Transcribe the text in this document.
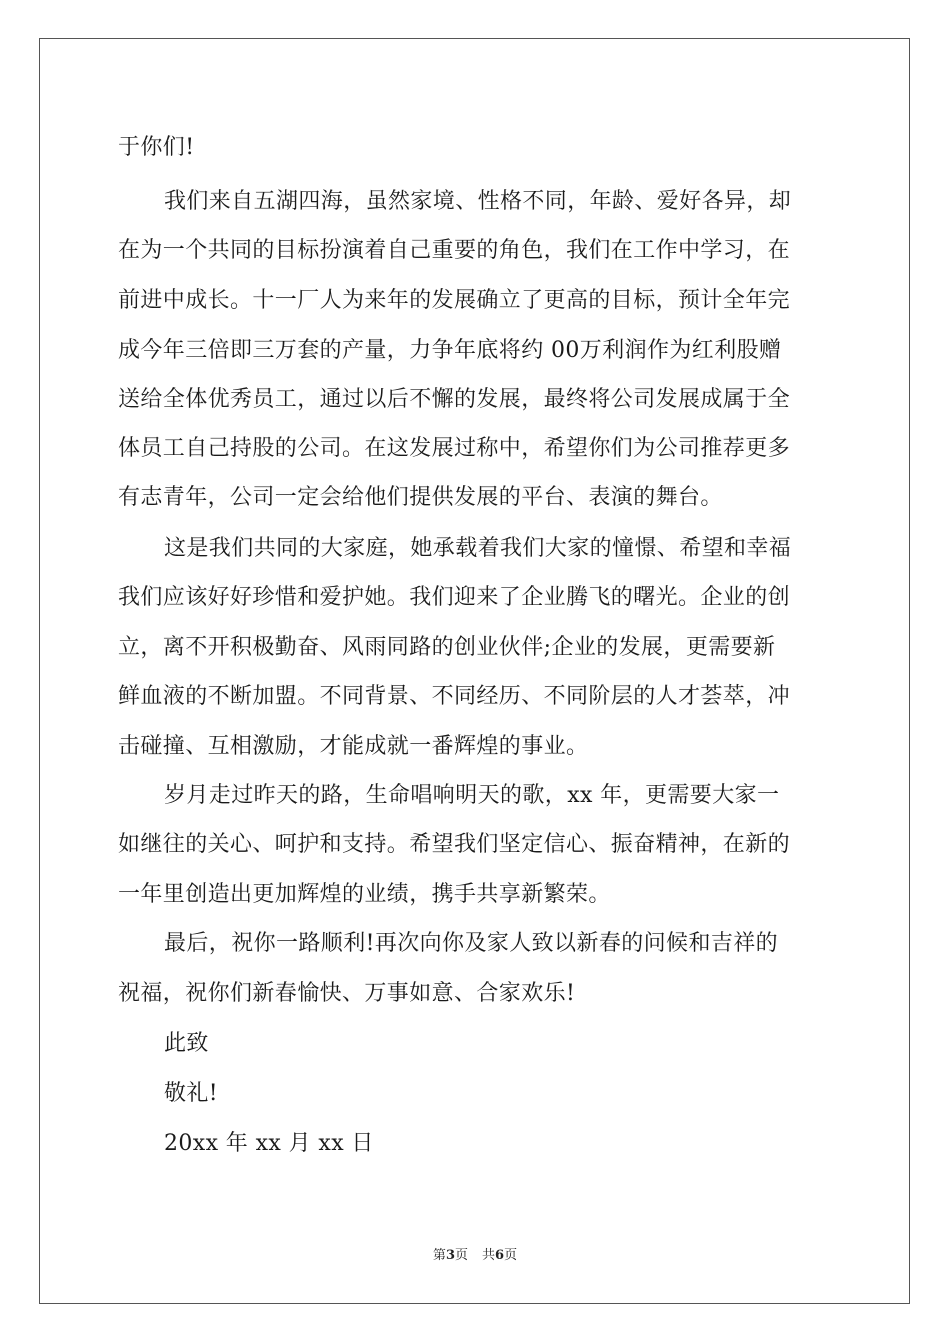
于你们!
我们来自五湖四海，虽然家境、性格不同，年龄、爱好各异，却
在为一个共同的目标扮演着自己重要的角色，我们在工作中学习，在
前进中成长。十一厂人为来年的发展确立了更高的目标，预计全年完
成今年三倍即三万套的产量，力争年底将约 00万利润作为红利股赠
送给全体优秀员工，通过以后不懈的发展，最终将公司发展成属于全
体员工自己持股的公司。在这发展过称中，希望你们为公司推荐更多
有志青年，公司一定会给他们提供发展的平台、表演的舞台。
这是我们共同的大家庭，她承载着我们大家的憧憬、希望和幸福
我们应该好好珍惜和爱护她。我们迎来了企业腾飞的曙光。企业的创
立，离不开积极勤奋、风雨同路的创业伙伴;企业的发展，更需要新
鲜血液的不断加盟。不同背景、不同经历、不同阶层的人才荟萃，冲
击碰撞、互相激励，才能成就一番辉煌的事业。
岁月走过昨天的路，生命唱响明天的歌，xx 年，更需要大家一
如继往的关心、呵护和支持。希望我们坚定信心、振奋精神，在新的
一年里创造出更加辉煌的业绩，携手共享新繁荣。
最后，祝你一路顺利!再次向你及家人致以新春的问候和吉祥的
祝福，祝你们新春愉快、万事如意、合家欢乐!
此致
敬礼!
20xx 年 xx 月 xx 日
第3页 共6页
